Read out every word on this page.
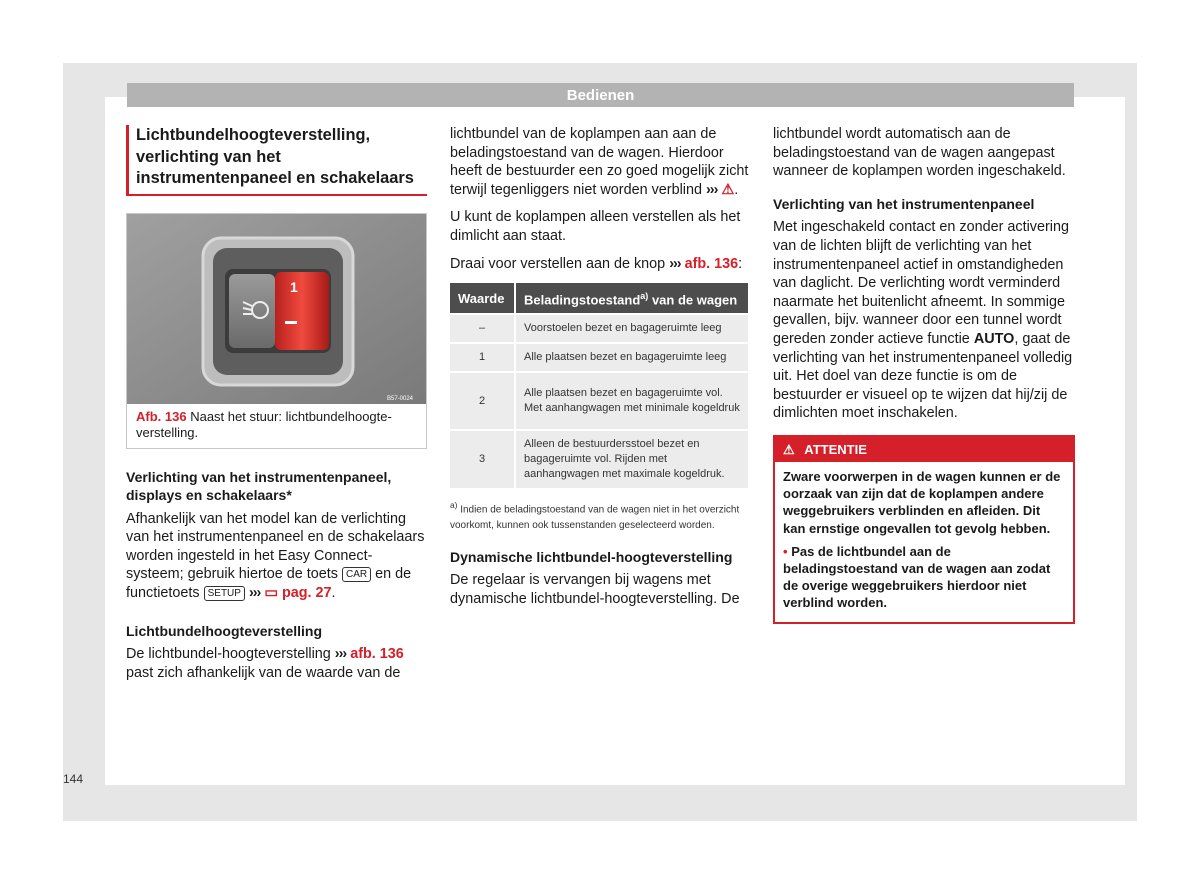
Bedienen
Lichtbundelhoogteverstelling, verlichting van het instrumentenpaneel en schakelaars
1
B57-0024
Afb. 136 Naast het stuur: lichtbundelhoogte-verstelling.
Verlichting van het instrumentenpaneel, displays en schakelaars*

Afhankelijk van het model kan de verlichting van het instrumentenpaneel en de schakelaars worden ingesteld in het Easy Connect-systeem; gebruik hiertoe de toets CAR en de functietoets SETUP ››› ▭ pag. 27.

Lichtbundelhoogteverstelling

De lichtbundel-hoogteverstelling ››› afb. 136 past zich afhankelijk van de waarde van de

lichtbundel van de koplampen aan aan de beladingstoestand van de wagen. Hierdoor heeft de bestuurder een zo goed mogelijk zicht terwijl tegenliggers niet worden verblind ››› ⚠.

U kunt de koplampen alleen verstellen als het dimlicht aan staat.

Draai voor verstellen aan de knop ››› afb. 136:

Waarde	Beladingstoestand$^{a)}$ van de wagen
–	Voorstoelen bezet en bagageruimte leeg
1	Alle plaatsen bezet en bagageruimte leeg
2	Alle plaatsen bezet en bagageruimte vol. Met aanhangwagen met minimale kogeldruk
3	Alleen de bestuurdersstoel bezet en bagageruimte vol. Rijden met aanhangwagen met maximale kogeldruk.
$^{a)}$ Indien de beladingstoestand van de wagen niet in het overzicht voorkomt, kunnen ook tussenstanden geselecteerd worden.
Dynamische lichtbundel-hoogteverstelling

De regelaar is vervangen bij wagens met dynamische lichtbundel-hoogteverstelling. De

lichtbundel wordt automatisch aan de beladingstoestand van de wagen aangepast wanneer de koplampen worden ingeschakeld.

Verlichting van het instrumentenpaneel

Met ingeschakeld contact en zonder activering van de lichten blijft de verlichting van het instrumentenpaneel actief in omstandigheden van daglicht. De verlichting wordt verminderd naarmate het buitenlicht afneemt. In sommige gevallen, bijv. wanneer door een tunnel wordt gereden zonder actieve functie AUTO, gaat de verlichting van het instrumentenpaneel volledig uit. Het doel van deze functie is om de bestuurder er visueel op te wijzen dat hij/zij de dimlichten moet inschakelen.

⚠ ATTENTIE

Zware voorwerpen in de wagen kunnen er de oorzaak van zijn dat de koplampen andere weggebruikers verblinden en afleiden. Dit kan ernstige ongevallen tot gevolg hebben.

• Pas de lichtbundel aan de beladingstoestand van de wagen aan zodat de overige weggebruikers hierdoor niet verblind worden.

144
